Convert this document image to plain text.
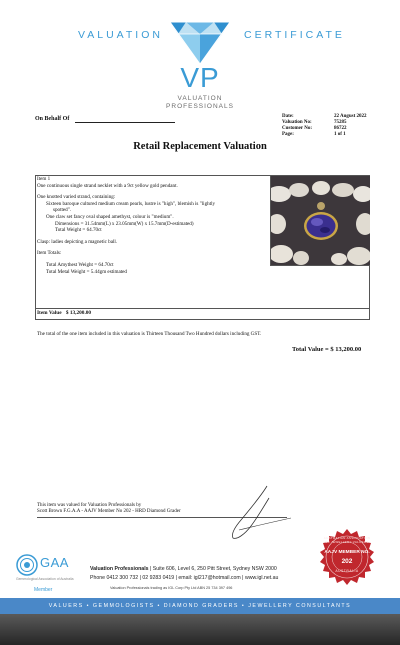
VALUATION	CERTIFICATE
VP
VALUATION
PROFESSIONALS
On Behalf Of	Date:	22 August 2022
Valuation No:	75285
Customer No:	86722
Page:	1 of 1
Retail Replacement Valuation
Item 1
One continuous single strand necklet with a 9ct yellow gold pendant.
One knotted varied strand, containing:
Sixteen baroque cultured medium cream pearls, lustre is "high", blemish is "lightly
spotted".
One claw set fancy oval shaped amethyst, colour is "medium".
Dimensions = 31.54mm(L) x 23.05mm(W) x 15.7mm(D-estimated)
Total Weight = 64.70ct
Clasp: ladies depicting a magnetic ball.
Item Totals:
Total Amythest Weight = 64.70ct
Total Metal Weight = 5.44gm estimated
Item Value $ 13,200.00
The total of the one item included in this valuation is Thirteen Thousand Two Hundred dollars including GST.
Total Value = $ 13,200.00
This item was valued for Valuation Professionals by
Scott Brown F.G.A.A - AAJV Member No 202 - HRD Diamond Grader
GAA
Gemmological Association of Australia
Member
Valuation Professionals | Suite 606, Level 6, 250 Pitt Street, Sydney NSW 2000
Phone 0412 300 732 | 02 9283 0419 | email: igl217@hotmail.com | www.igl.net.au
Valuation Professionals trading as IGL Corp Pty Ltd ABN 25 734 397 496
AUSTRALIAN ASSOCIATION OF JEWELLERY VALUERS
AAJV MEMBER NO.
202
AUSTRALIA
VALUERS • GEMMOLOGISTS • DIAMOND GRADERS • JEWELLERY CONSULTANTS
